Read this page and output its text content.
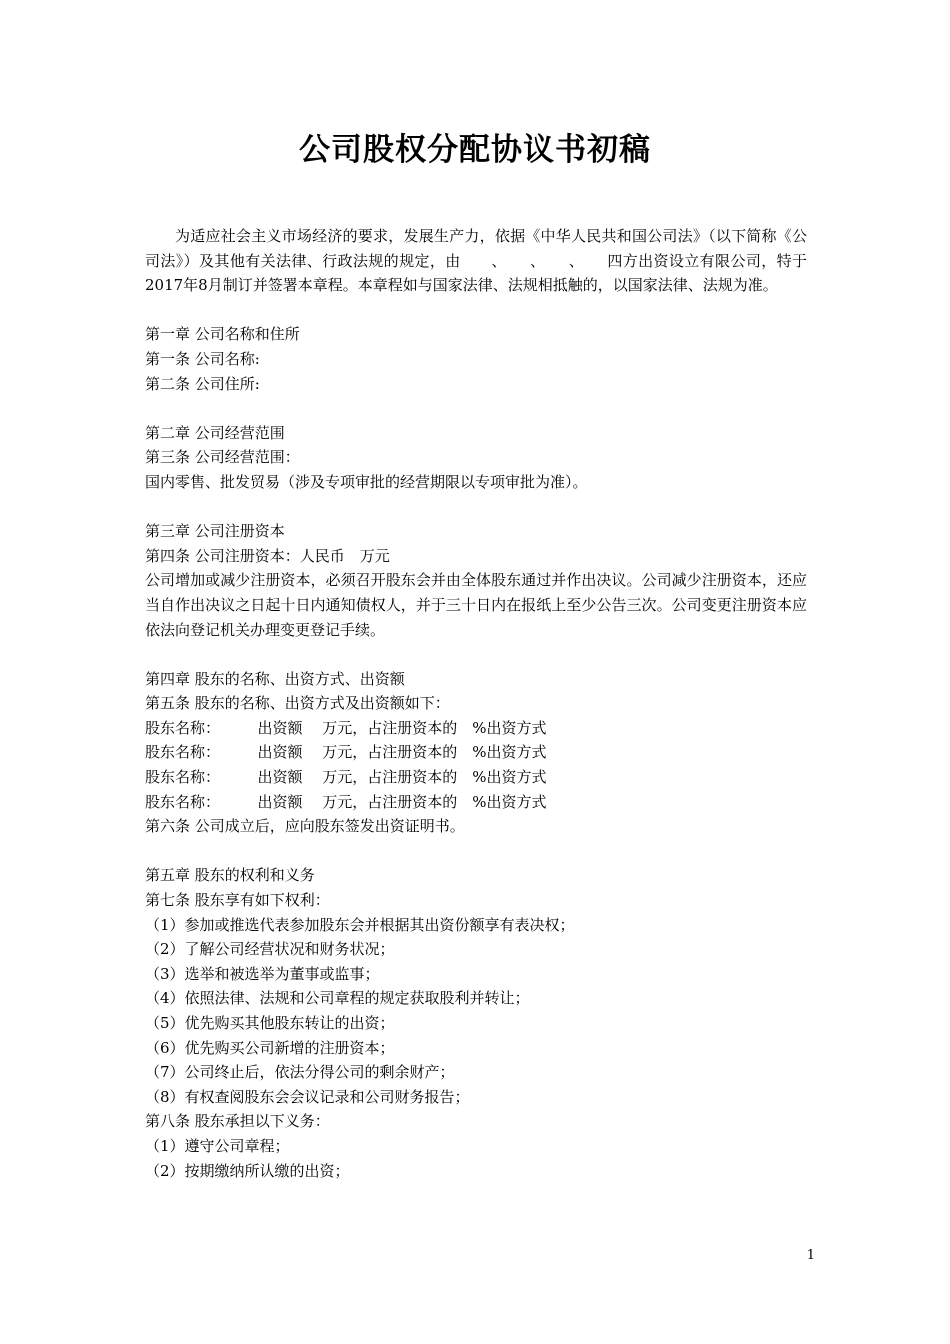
公司股权分配协议书初稿

为适应社会主义市场经济的要求，发展生产力，依据《中华人民共和国公司法》（以下简称《公司法》）及其他有关法律、行政法规的规定，由　　、　　、　　、　　四方出资设立有限公司，特于2017年8月制订并签署本章程。本章程如与国家法律、法规相抵触的，以国家法律、法规为准。

第一章 公司名称和住所

第一条 公司名称:

第二条 公司住所:

第二章 公司经营范围

第三条 公司经营范围：

国内零售、批发贸易（涉及专项审批的经营期限以专项审批为准）。

第三章 公司注册资本

第四条 公司注册资本：人民币　万元

公司增加或减少注册资本，必须召开股东会并由全体股东通过并作出决议。公司减少注册资本，还应当自作出决议之日起十日内通知债权人，并于三十日内在报纸上至少公告三次。公司变更注册资本应依法向登记机关办理变更登记手续。

第四章 股东的名称、出资方式、出资额

第五条 股东的名称、出资方式及出资额如下：

股东名称：　　　出资额　 万元，占注册资本的　%出资方式

股东名称：　　　出资额　 万元，占注册资本的　%出资方式

股东名称：　　　出资额　 万元，占注册资本的　%出资方式

股东名称：　　　出资额　 万元，占注册资本的　%出资方式

第六条 公司成立后，应向股东签发出资证明书。

第五章 股东的权利和义务

第七条 股东享有如下权利：

（1）参加或推选代表参加股东会并根据其出资份额享有表决权；

（2）了解公司经营状况和财务状况；

（3）选举和被选举为董事或监事；

（4）依照法律、法规和公司章程的规定获取股利并转让；

（5）优先购买其他股东转让的出资；

（6）优先购买公司新增的注册资本；

（7）公司终止后，依法分得公司的剩余财产；

（8）有权查阅股东会会议记录和公司财务报告；

第八条 股东承担以下义务：

（1）遵守公司章程；

（2）按期缴纳所认缴的出资；

1
